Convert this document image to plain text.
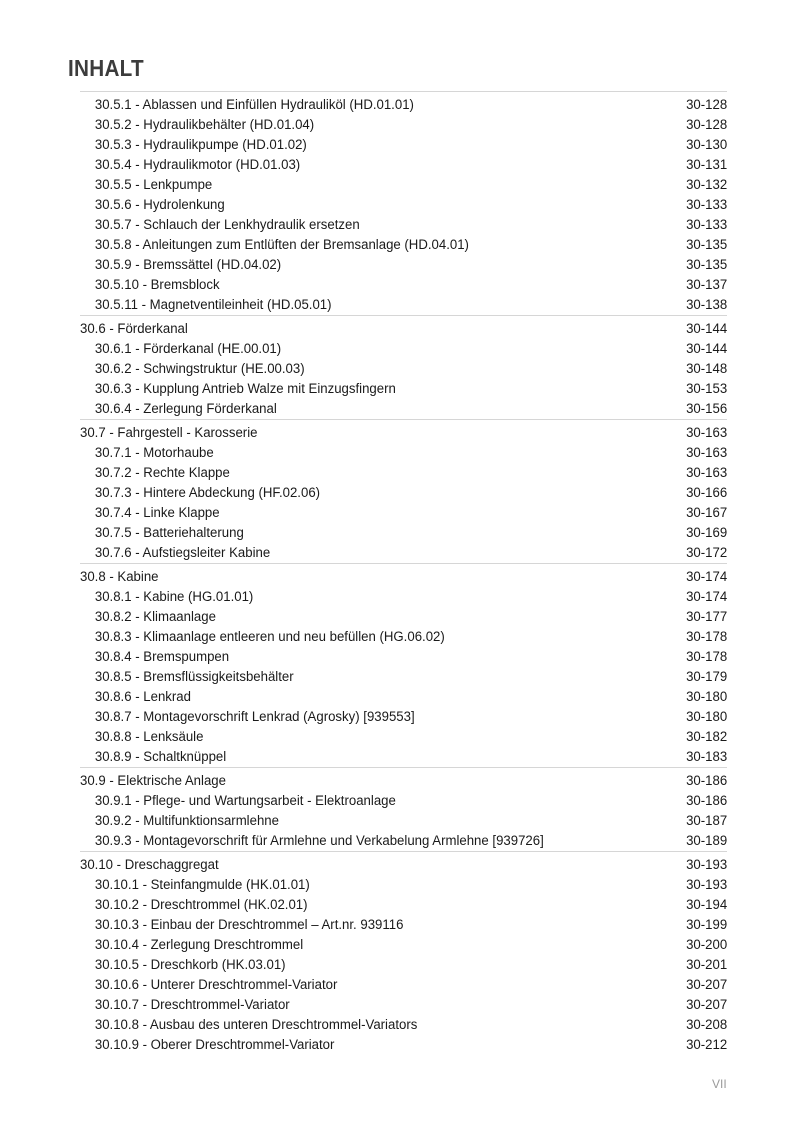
INHALT
30.5.1 - Ablassen und Einfüllen Hydrauliköl (HD.01.01)	30-128
30.5.2 - Hydraulikbehälter (HD.01.04)	30-128
30.5.3 - Hydraulikpumpe (HD.01.02)	30-130
30.5.4 - Hydraulikmotor (HD.01.03)	30-131
30.5.5 - Lenkpumpe	30-132
30.5.6 - Hydrolenkung	30-133
30.5.7 - Schlauch der Lenkhydraulik ersetzen	30-133
30.5.8 - Anleitungen zum Entlüften der Bremsanlage (HD.04.01)	30-135
30.5.9 - Bremssättel (HD.04.02)	30-135
30.5.10 - Bremsblock	30-137
30.5.11 - Magnetventileinheit (HD.05.01)	30-138
30.6 - Förderkanal	30-144
30.6.1 - Förderkanal (HE.00.01)	30-144
30.6.2 - Schwingstruktur (HE.00.03)	30-148
30.6.3 - Kupplung Antrieb Walze mit Einzugsfingern	30-153
30.6.4 - Zerlegung Förderkanal	30-156
30.7 - Fahrgestell - Karosserie	30-163
30.7.1 - Motorhaube	30-163
30.7.2 - Rechte Klappe	30-163
30.7.3 - Hintere Abdeckung (HF.02.06)	30-166
30.7.4 - Linke Klappe	30-167
30.7.5 - Batteriehalterung	30-169
30.7.6 - Aufstiegsleiter Kabine	30-172
30.8 - Kabine	30-174
30.8.1 - Kabine (HG.01.01)	30-174
30.8.2 - Klimaanlage	30-177
30.8.3 - Klimaanlage entleeren und neu befüllen (HG.06.02)	30-178
30.8.4 - Bremspumpen	30-178
30.8.5 - Bremsflüssigkeitsbehälter	30-179
30.8.6 - Lenkrad	30-180
30.8.7 - Montagevorschrift Lenkrad (Agrosky) [939553]	30-180
30.8.8 - Lenksäule	30-182
30.8.9 - Schaltknüppel	30-183
30.9 - Elektrische Anlage	30-186
30.9.1 - Pflege- und Wartungsarbeit - Elektroanlage	30-186
30.9.2 - Multifunktionsarmlehne	30-187
30.9.3 - Montagevorschrift für Armlehne und Verkabelung Armlehne [939726]	30-189
30.10 - Dreschaggregat	30-193
30.10.1 - Steinfangmulde (HK.01.01)	30-193
30.10.2 - Dreschtrommel (HK.02.01)	30-194
30.10.3 - Einbau der Dreschtrommel – Art.nr. 939116	30-199
30.10.4 - Zerlegung Dreschtrommel	30-200
30.10.5 - Dreschkorb (HK.03.01)	30-201
30.10.6 - Unterer Dreschtrommel-Variator	30-207
30.10.7 - Dreschtrommel-Variator	30-207
30.10.8 - Ausbau des unteren Dreschtrommel-Variators	30-208
30.10.9 - Oberer Dreschtrommel-Variator	30-212
VII
